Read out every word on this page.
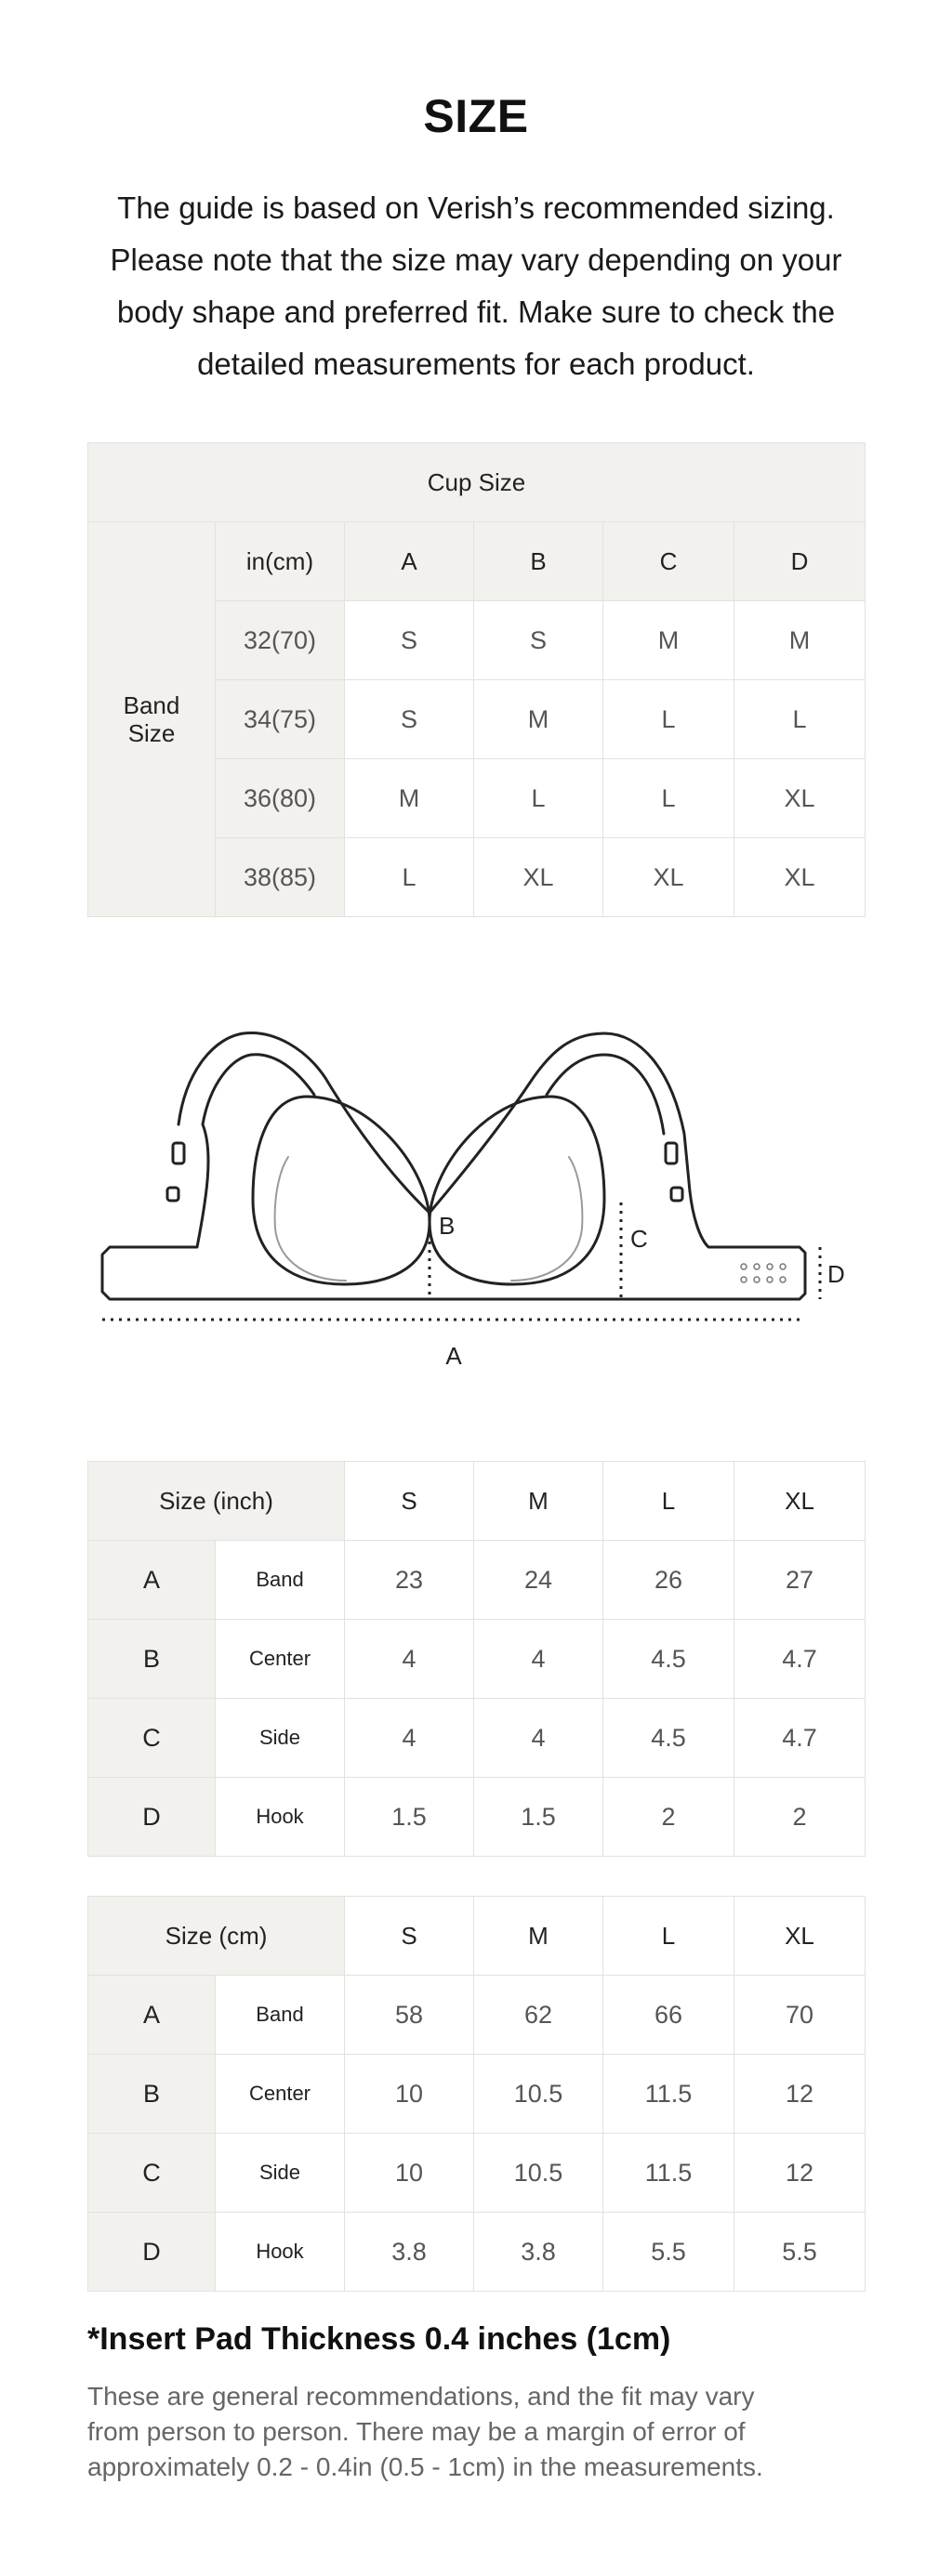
SIZE
The guide is based on Verish’s recommended sizing.
Please note that the size may vary depending on your
body shape and preferred fit. Make sure to check the
detailed measurements for each product.
Cup Size					

Band Size	in(cm)	A	B	C	D
	32(70)	S	S	M	M
	34(75)	S	M	L	L
	36(80)	M	L	L	XL
	38(85)	L	XL	XL	XL
A
B	C
D
Size (inch)		S	M	L	XL
A	Band	23	24	26	27
B	Center	4	4	4.5	4.7
C	Side	4	4	4.5	4.7
D	Hook	1.5	1.5	2	2
Size (cm)		S	M	L	XL
A	Band	58	62	66	70
B	Center	10	10.5	11.5	12
C	Side	10	10.5	11.5	12
D	Hook	3.8	3.8	5.5	5.5
*Insert Pad Thickness 0.4 inches (1cm)
These are general recommendations, and the fit may vary
from person to person. There may be a margin of error of
approximately 0.2 - 0.4in (0.5 - 1cm) in the measurements.
